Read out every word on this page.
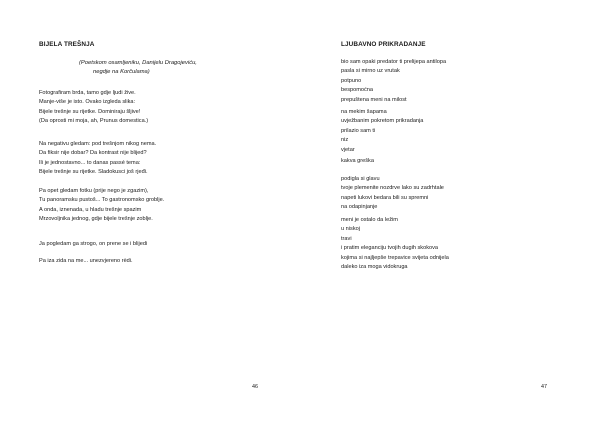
BIJELA TREŠNJA
(Poetskom osamljeniku, Danijelu Dragojeviću,
negdje na Korčulama)
Fotografiram brda, tamo gdje ljudi žive.
Manje-više je isto. Ovako izgleda slika:
Bijele trešnje su rijetke. Dominiraju šljive!
(Da oprosti mi moja, ah, Prunus domestica.)
Na negativu gledam: pod trešnjom nikog nema.
Da fiksir nije dobar? Da kontrast nije blijed?
Ili je jednostavno... to danas passé tema:
Bijele trešnje su rijetke. Sladokusci još rjeđi.
Pa opet gledam fotku (prije nego je zgazim),
Tu panoramsku pustoš... To gastronomsko groblje.
A onda, iznenada, u hladu trešnje spazim
Mrzovoljnika jednog, gdje bijele trešnje zoblje.
Ja pogledam ga strogo, on prene se i blijedi
Pa iza zida na me... unezvjereno rèdi.
46
LJUBAVNO PRIKRADANJE
bio sam opaki predator ti prelijepa antilopa
pasla si mirno uz vrutak
potpuno
bespomoćna
prepuštena meni na milost
na mekim šapama
uvježbanim pokretom prikradanja
prilazio sam ti
niz
vjetar
kakva greška
podigla si glavu
tvoje plemenite nozdrve lako su zadrhtale
napeti lukovi bedara bili su spremni
na odapinjanje
meni je ostalo da ležim
u niskoj
travi
i pratim eleganciju tvojih dugih skokova
kojima si najljepše trepavice svijeta odnijela
daleko iza moga vidokruga
47
